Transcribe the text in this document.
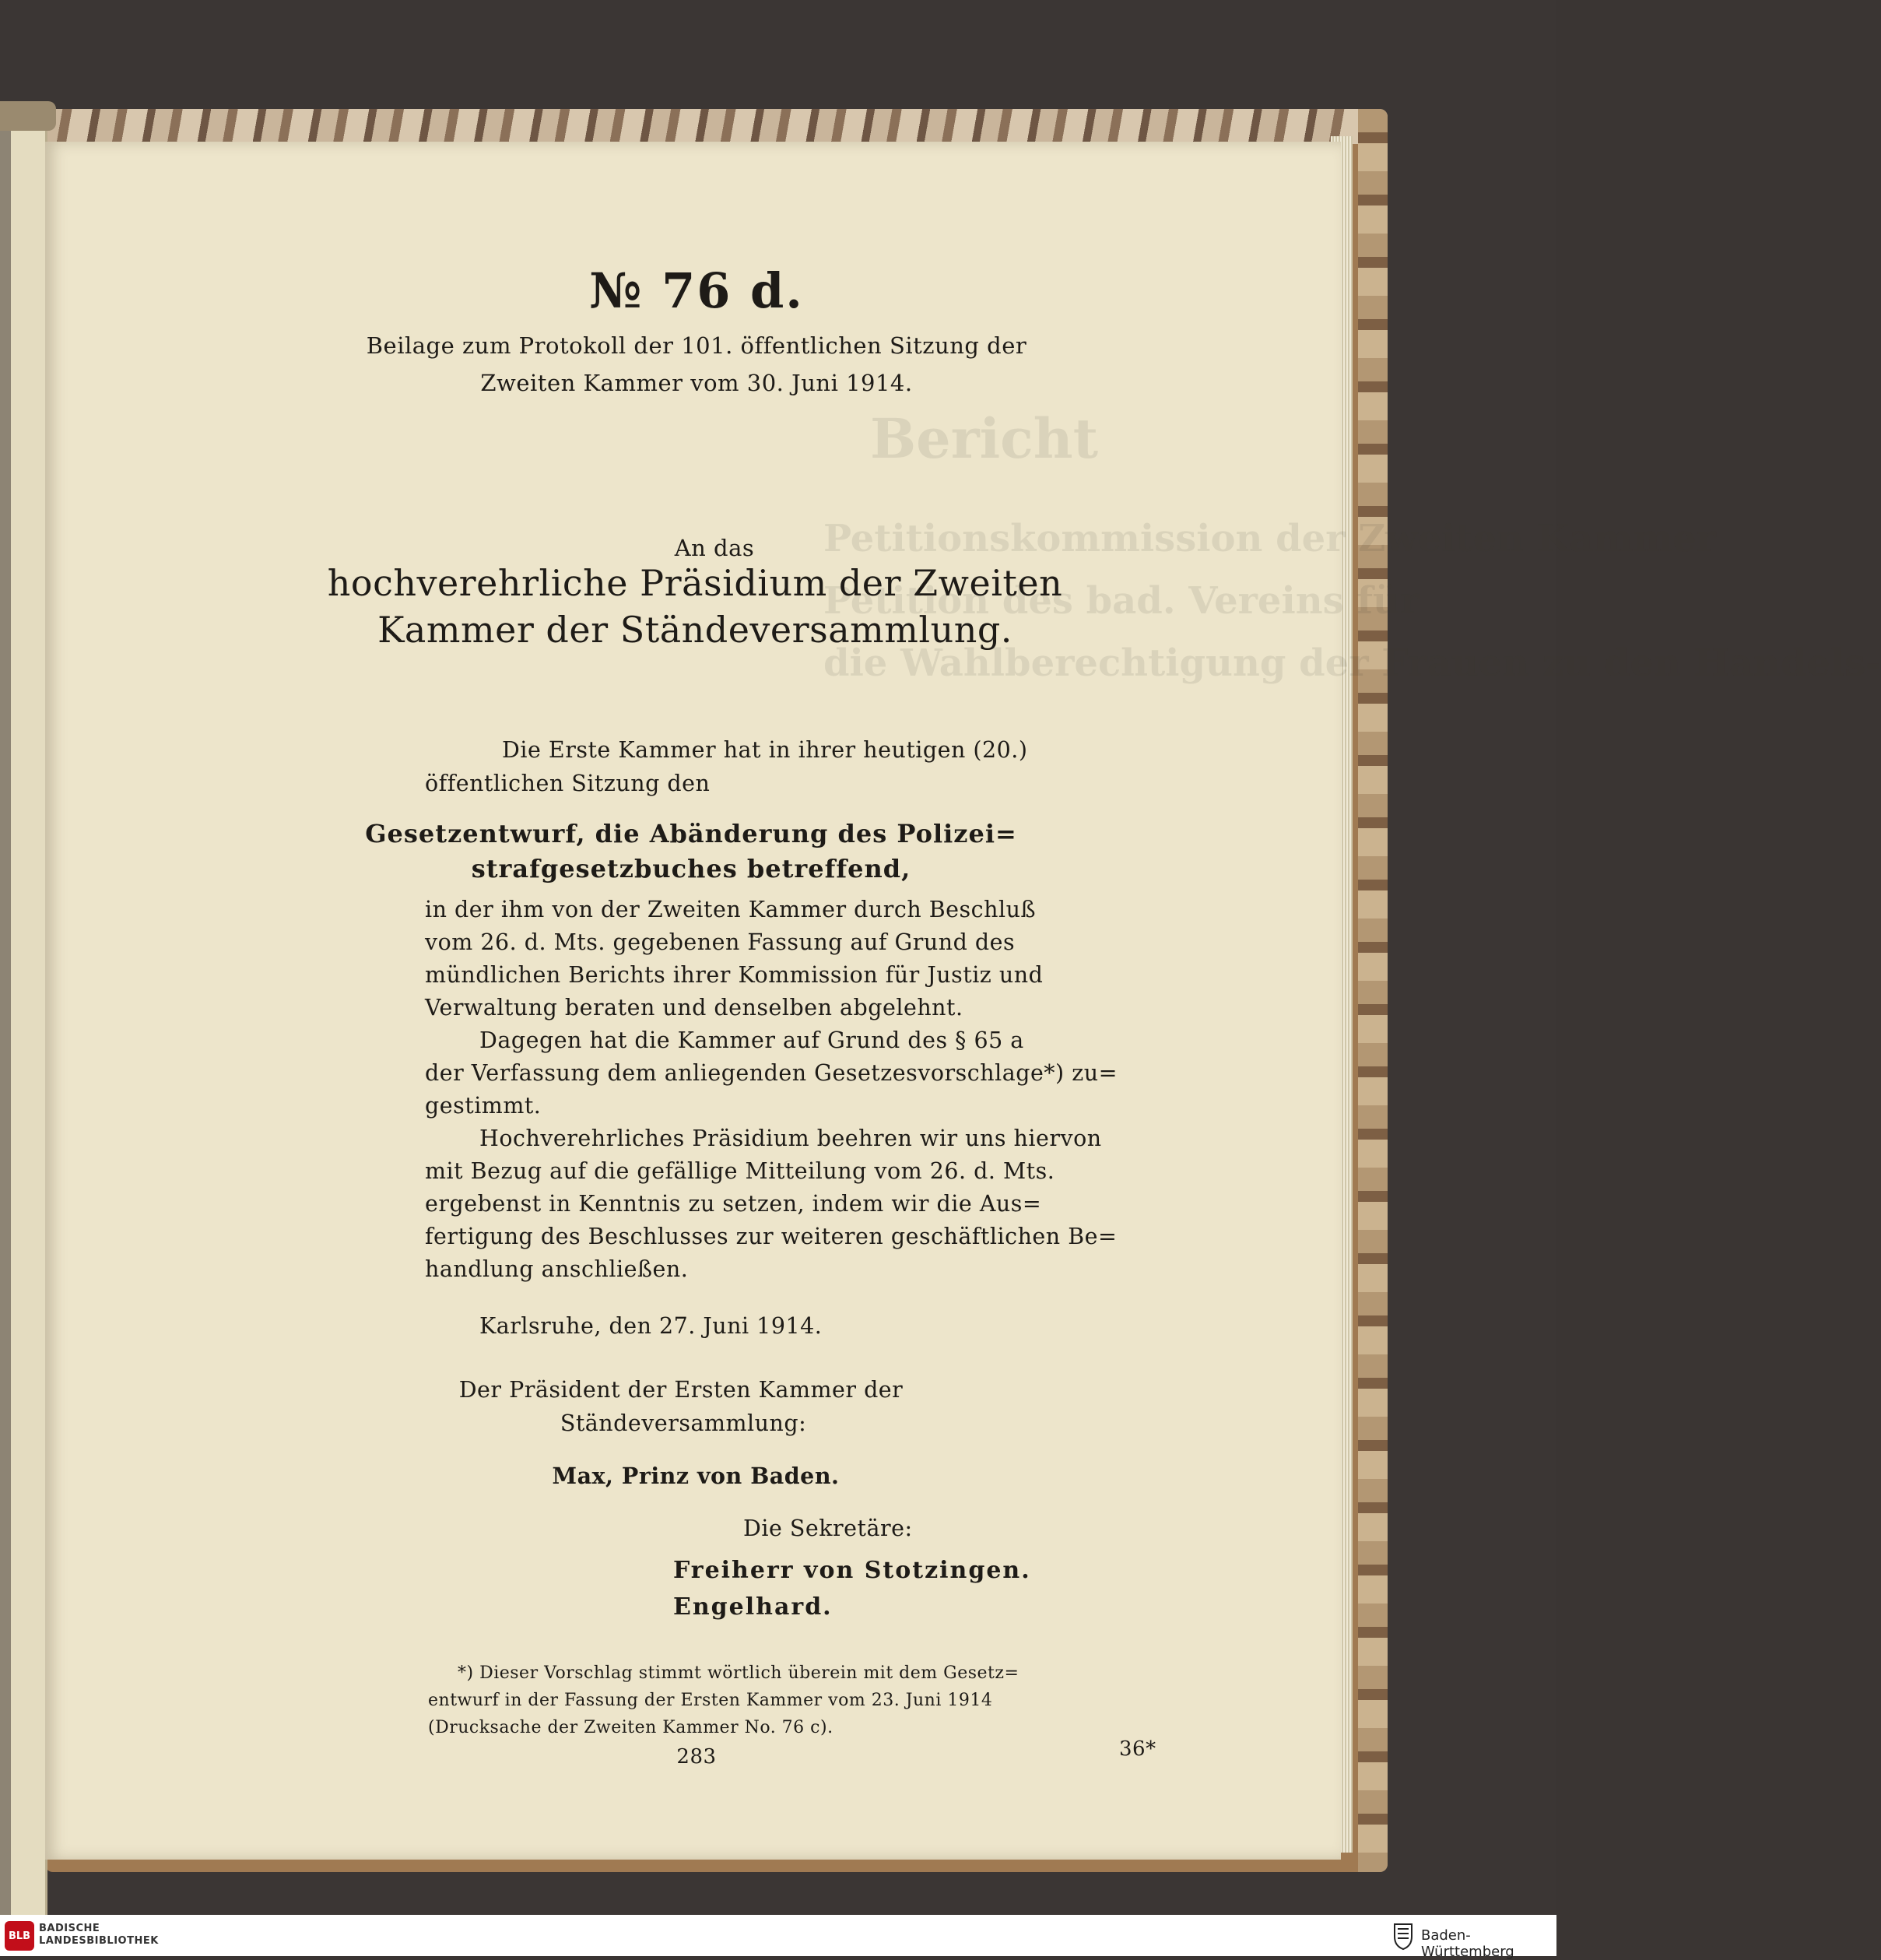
Bericht
Petitionskommission der Zweiten Kammer
Petition des bad. Vereins für
die Wahlberechtigung der Frauen zu den Handels-
№ 76 d.
Beilage zum Protokoll der 101. öffentlichen Sitzung der
Zweiten Kammer vom 30. Juni 1914.
An das
hochverehrliche Präsidium der Zweiten
Kammer der Ständeversammlung.
Die Erste Kammer hat in ihrer heutigen (20.)
öffentlichen Sitzung den
Gesetzentwurf, die Abänderung des Polizei=
strafgesetzbuches betreffend,
in der ihm von der Zweiten Kammer durch Beschluß
vom 26. d. Mts. gegebenen Fassung auf Grund des
mündlichen Berichts ihrer Kommission für Justiz und
Verwaltung beraten und denselben abgelehnt.
Dagegen hat die Kammer auf Grund des § 65 a
der Verfassung dem anliegenden Gesetzesvorschlage*) zu=
gestimmt.
Hochverehrliches Präsidium beehren wir uns hiervon
mit Bezug auf die gefällige Mitteilung vom 26. d. Mts.
ergebenst in Kenntnis zu setzen, indem wir die Aus=
fertigung des Beschlusses zur weiteren geschäftlichen Be=
handlung anschließen.
Karlsruhe, den 27. Juni 1914.
Der Präsident der Ersten Kammer der
Ständeversammlung:
Max, Prinz von Baden.
Die Sekretäre:
Freiherr von Stotzingen.
Engelhard.
*) Dieser Vorschlag stimmt wörtlich überein mit dem Gesetz=
entwurf in der Fassung der Ersten Kammer vom 23. Juni 1914
(Drucksache der Zweiten Kammer No. 76 c).
283	36*
BLB
BADISCHE
LANDESBIBLIOTHEK	Baden-Württemberg
